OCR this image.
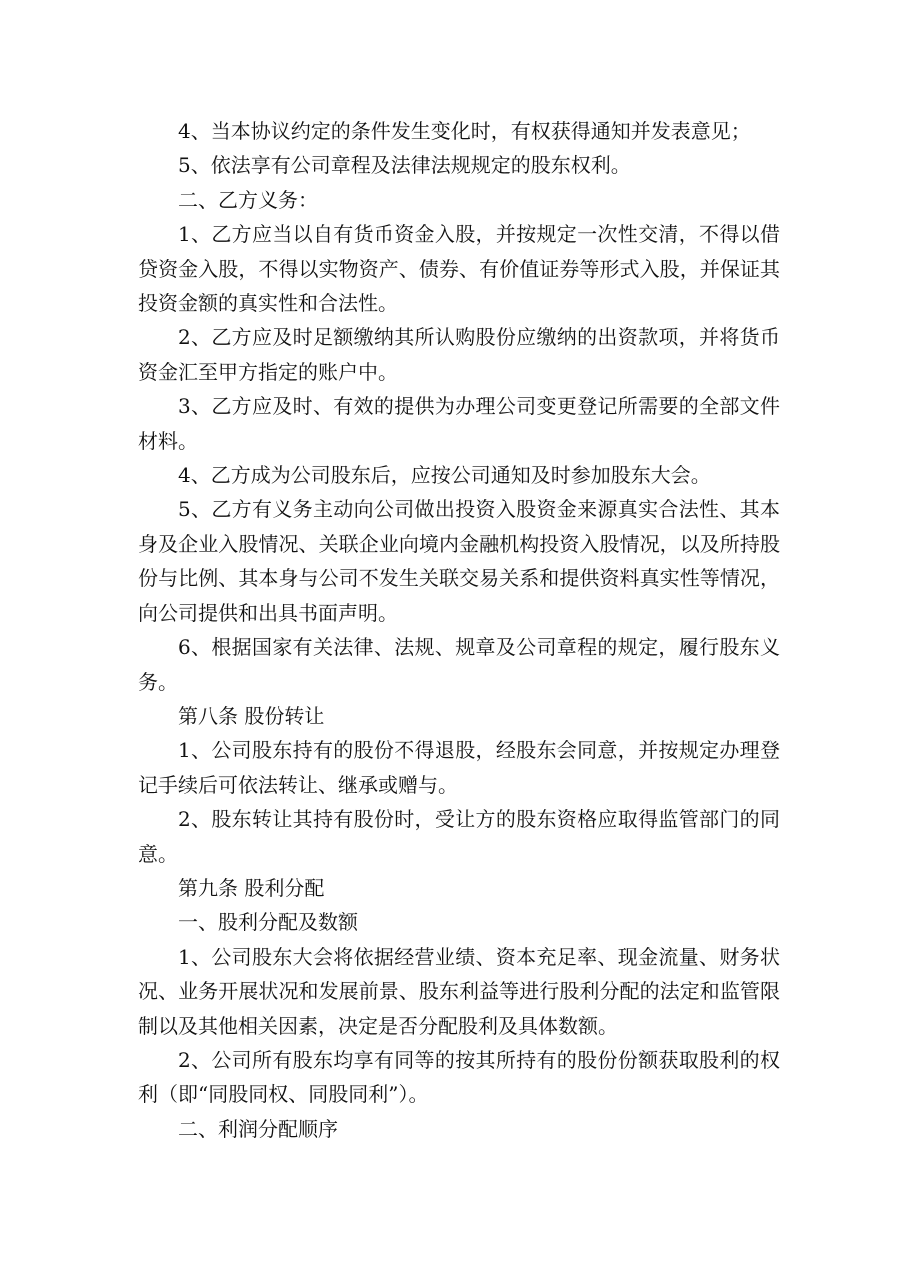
4、当本协议约定的条件发生变化时，有权获得通知并发表意见；

5、依法享有公司章程及法律法规规定的股东权利。

二、乙方义务：

1、乙方应当以自有货币资金入股，并按规定一次性交清，不得以借贷资金入股，不得以实物资产、债券、有价值证券等形式入股，并保证其投资金额的真实性和合法性。

2、乙方应及时足额缴纳其所认购股份应缴纳的出资款项，并将货币资金汇至甲方指定的账户中。

3、乙方应及时、有效的提供为办理公司变更登记所需要的全部文件材料。

4、乙方成为公司股东后，应按公司通知及时参加股东大会。

5、乙方有义务主动向公司做出投资入股资金来源真实合法性、其本身及企业入股情况、关联企业向境内金融机构投资入股情况，以及所持股份与比例、其本身与公司不发生关联交易关系和提供资料真实性等情况，向公司提供和出具书面声明。

6、根据国家有关法律、法规、规章及公司章程的规定，履行股东义务。

第八条 股份转让

1、公司股东持有的股份不得退股，经股东会同意，并按规定办理登记手续后可依法转让、继承或赠与。

2、股东转让其持有股份时，受让方的股东资格应取得监管部门的同意。

第九条 股利分配

一、股利分配及数额

1、公司股东大会将依据经营业绩、资本充足率、现金流量、财务状况、业务开展状况和发展前景、股东利益等进行股利分配的法定和监管限制以及其他相关因素，决定是否分配股利及具体数额。

2、公司所有股东均享有同等的按其所持有的股份份额获取股利的权利（即“同股同权、同股同利”）。

二、利润分配顺序
